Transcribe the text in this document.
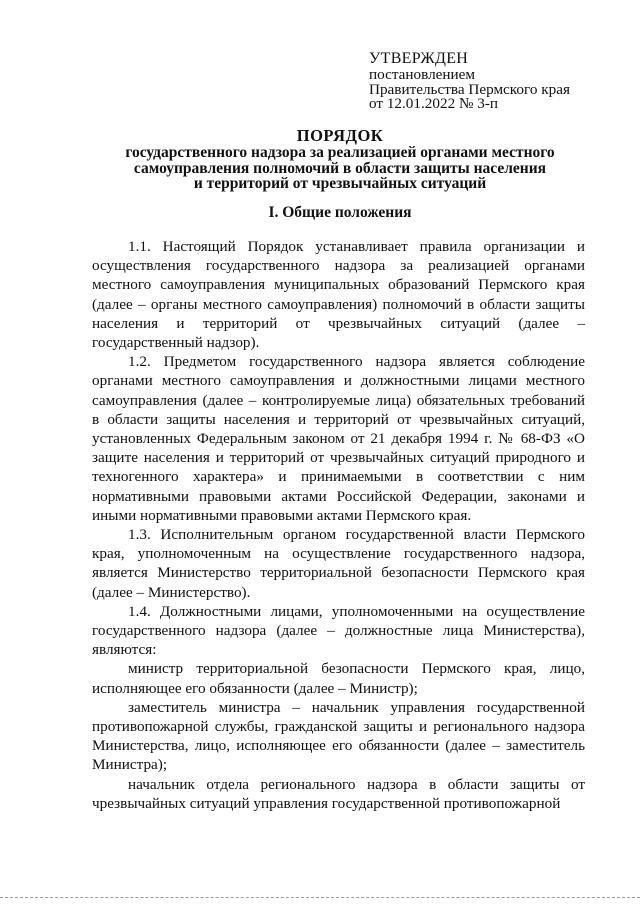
УТВЕРЖДЕН
постановлением
Правительства Пермского края
от 12.01.2022 № 3-п
ПОРЯДОК
государственного надзора за реализацией органами местного
самоуправления полномочий в области защиты населения
и территорий от чрезвычайных ситуаций
I. Общие положения

1.1. Настоящий Порядок устанавливает правила организации и осуществления государственного надзора за реализацией органами местного самоуправления муниципальных образований Пермского края (далее – органы местного самоуправления) полномочий в области защиты населения и территорий от чрезвычайных ситуаций (далее – государственный надзор).

1.2. Предметом государственного надзора является соблюдение органами местного самоуправления и должностными лицами местного самоуправления (далее – контролируемые лица) обязательных требований в области защиты населения и территорий от чрезвычайных ситуаций, установленных Федеральным законом от 21 декабря 1994 г. № 68-ФЗ «О защите населения и территорий от чрезвычайных ситуаций природного и техногенного характера» и принимаемыми в соответствии с ним нормативными правовыми актами Российской Федерации, законами и иными нормативными правовыми актами Пермского края.

1.3. Исполнительным органом государственной власти Пермского края, уполномоченным на осуществление государственного надзора, является Министерство территориальной безопасности Пермского края (далее – Министерство).

1.4. Должностными лицами, уполномоченными на осуществление государственного надзора (далее – должностные лица Министерства), являются:

министр территориальной безопасности Пермского края, лицо, исполняющее его обязанности (далее – Министр);

заместитель министра – начальник управления государственной противопожарной службы, гражданской защиты и регионального надзора Министерства, лицо, исполняющее его обязанности (далее – заместитель Министра);

начальник отдела регионального надзора в области защиты от чрезвычайных ситуаций управления государственной противопожарной
